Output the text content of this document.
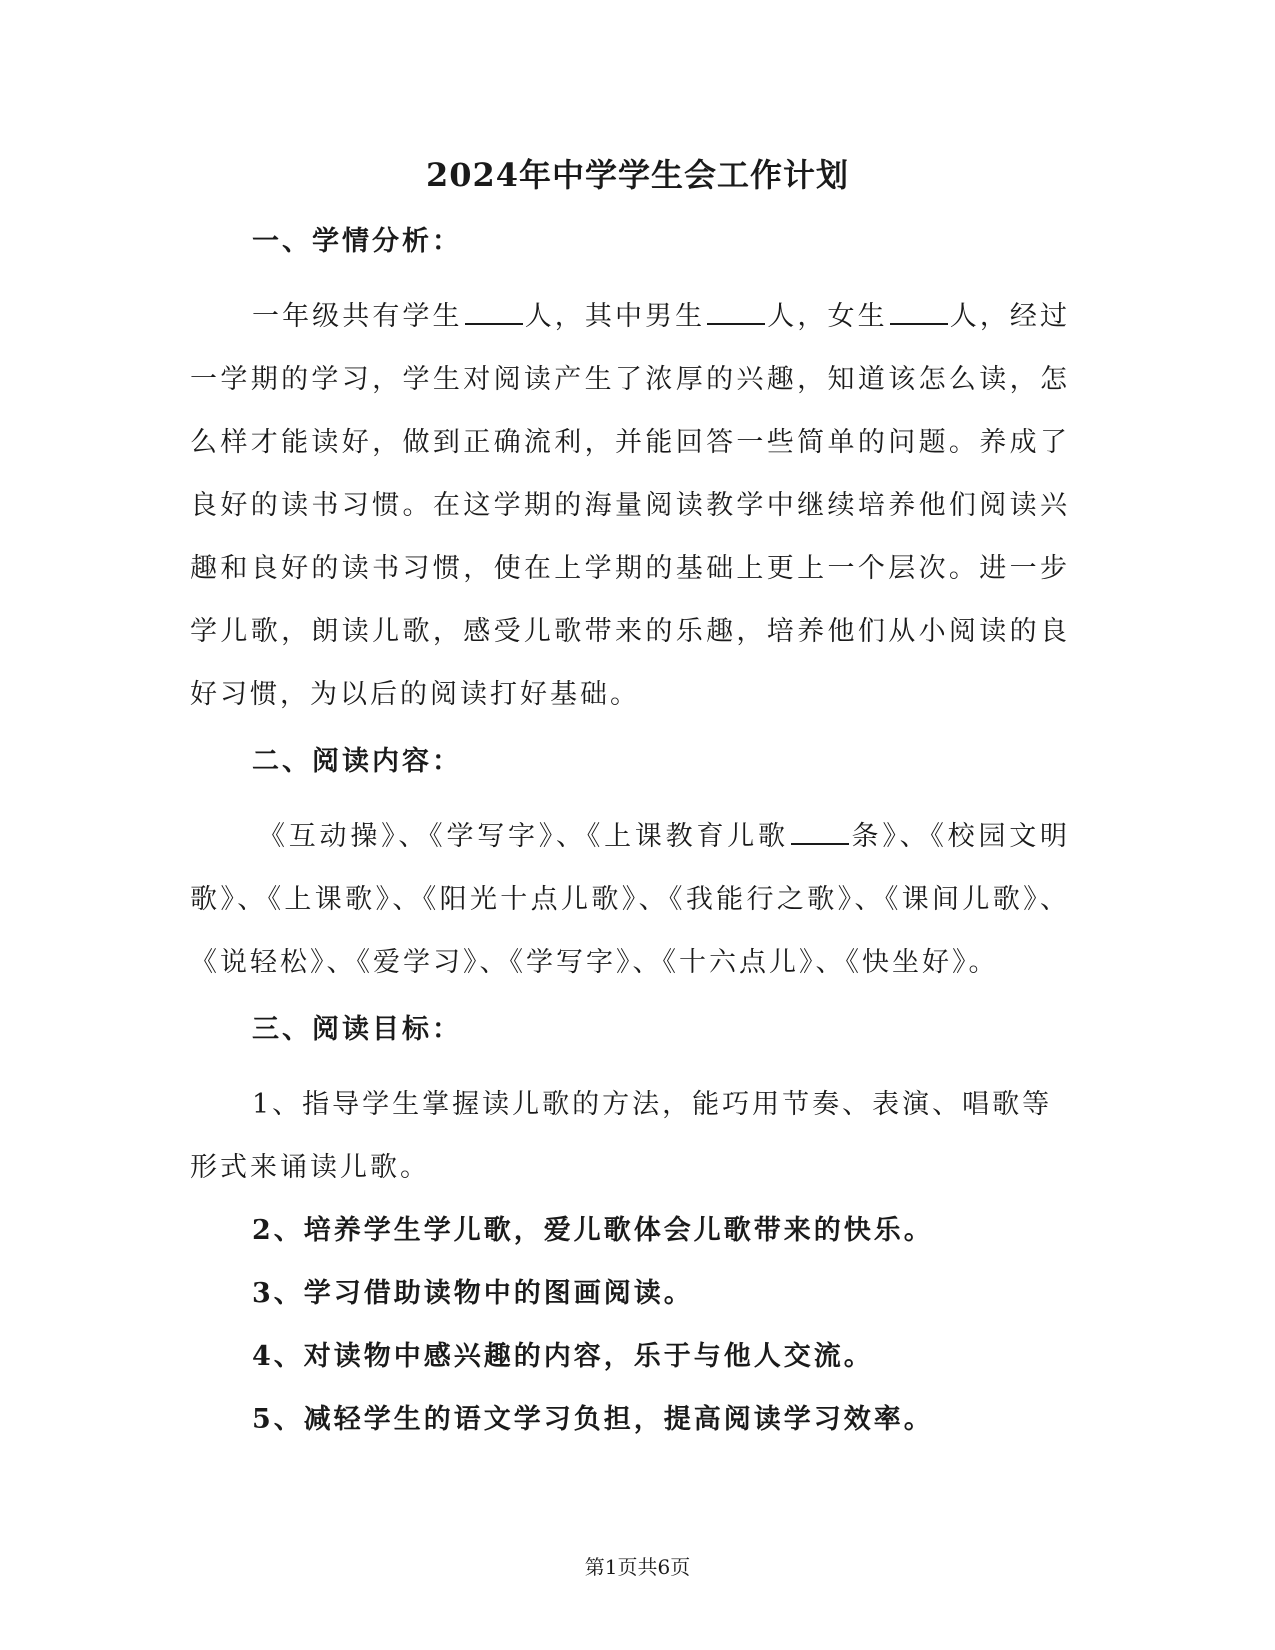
2024年中学学生会工作计划
一、学情分析：

一年级共有学生 人，其中男生 人，女生 人，经过一学期的学习，学生对阅读产生了浓厚的兴趣，知道该怎么读，怎么样才能读好，做到正确流利，并能回答一些简单的问题。养成了良好的读书习惯。在这学期的海量阅读教学中继续培养他们阅读兴趣和良好的读书习惯，使在上学期的基础上更上一个层次。进一步学儿歌，朗读儿歌，感受儿歌带来的乐趣，培养他们从小阅读的良好习惯，为以后的阅读打好基础。

二、阅读内容：

《互动操》、《学写字》、《上课教育儿歌 条》、《校园文明歌》、《上课歌》、《阳光十点儿歌》、《我能行之歌》、《课间儿歌》、《说轻松》、《爱学习》、《学写字》、《十六点儿》、《快坐好》。

三、阅读目标：

1、指导学生掌握读儿歌的方法，能巧用节奏、表演、唱歌等形式来诵读儿歌。

2、培养学生学儿歌，爱儿歌体会儿歌带来的快乐。

3、学习借助读物中的图画阅读。

4、对读物中感兴趣的内容，乐于与他人交流。

5、减轻学生的语文学习负担，提高阅读学习效率。

第1页共6页
